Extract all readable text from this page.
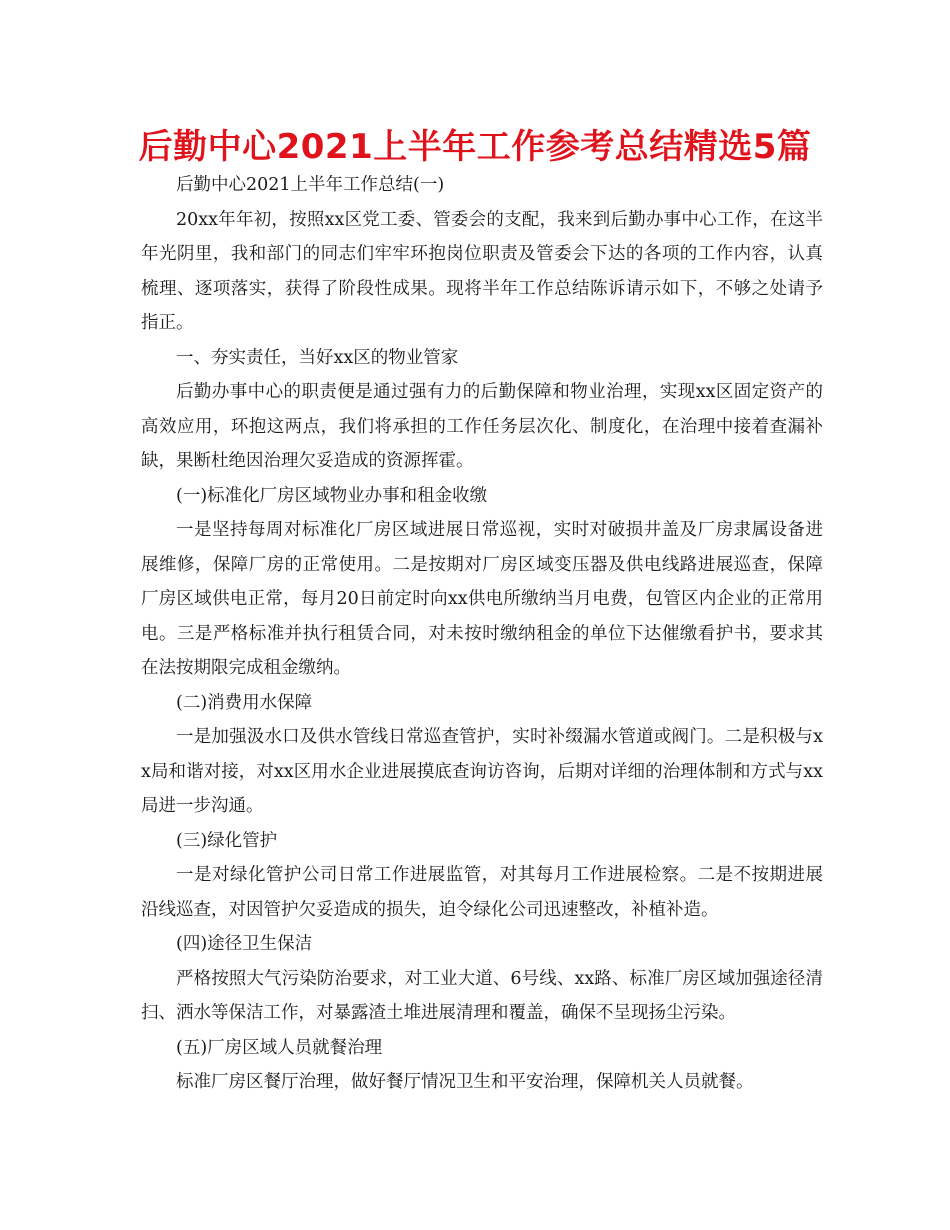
后勤中心2021上半年工作参考总结精选5篇

后勤中心2021上半年工作总结(一)

20xx年年初，按照xx区党工委、管委会的支配，我来到后勤办事中心工作，在这半年光阴里，我和部门的同志们牢牢环抱岗位职责及管委会下达的各项的工作内容，认真梳理、逐项落实，获得了阶段性成果。现将半年工作总结陈诉请示如下，不够之处请予指正。

一、夯实责任，当好xx区的物业管家

后勤办事中心的职责便是通过强有力的后勤保障和物业治理，实现xx区固定资产的高效应用，环抱这两点，我们将承担的工作任务层次化、制度化，在治理中接着查漏补缺，果断杜绝因治理欠妥造成的资源挥霍。

(一)标准化厂房区域物业办事和租金收缴

一是坚持每周对标准化厂房区域进展日常巡视，实时对破损井盖及厂房隶属设备进展维修，保障厂房的正常使用。二是按期对厂房区域变压器及供电线路进展巡查，保障厂房区域供电正常，每月20日前定时向xx供电所缴纳当月电费，包管区内企业的正常用电。三是严格标准并执行租赁合同，对未按时缴纳租金的单位下达催缴看护书，要求其在法按期限完成租金缴纳。

(二)消费用水保障

一是加强汲水口及供水管线日常巡查管护，实时补缀漏水管道或阀门。二是积极与xx局和谐对接，对xx区用水企业进展摸底查询访咨询，后期对详细的治理体制和方式与xx局进一步沟通。

(三)绿化管护

一是对绿化管护公司日常工作进展监管，对其每月工作进展检察。二是不按期进展沿线巡查，对因管护欠妥造成的损失，迫令绿化公司迅速整改，补植补造。

(四)途径卫生保洁

严格按照大气污染防治要求，对工业大道、6号线、xx路、标准厂房区域加强途径清扫、洒水等保洁工作，对暴露渣土堆进展清理和覆盖，确保不呈现扬尘污染。

(五)厂房区域人员就餐治理

标准厂房区餐厅治理，做好餐厅情况卫生和平安治理，保障机关人员就餐。
